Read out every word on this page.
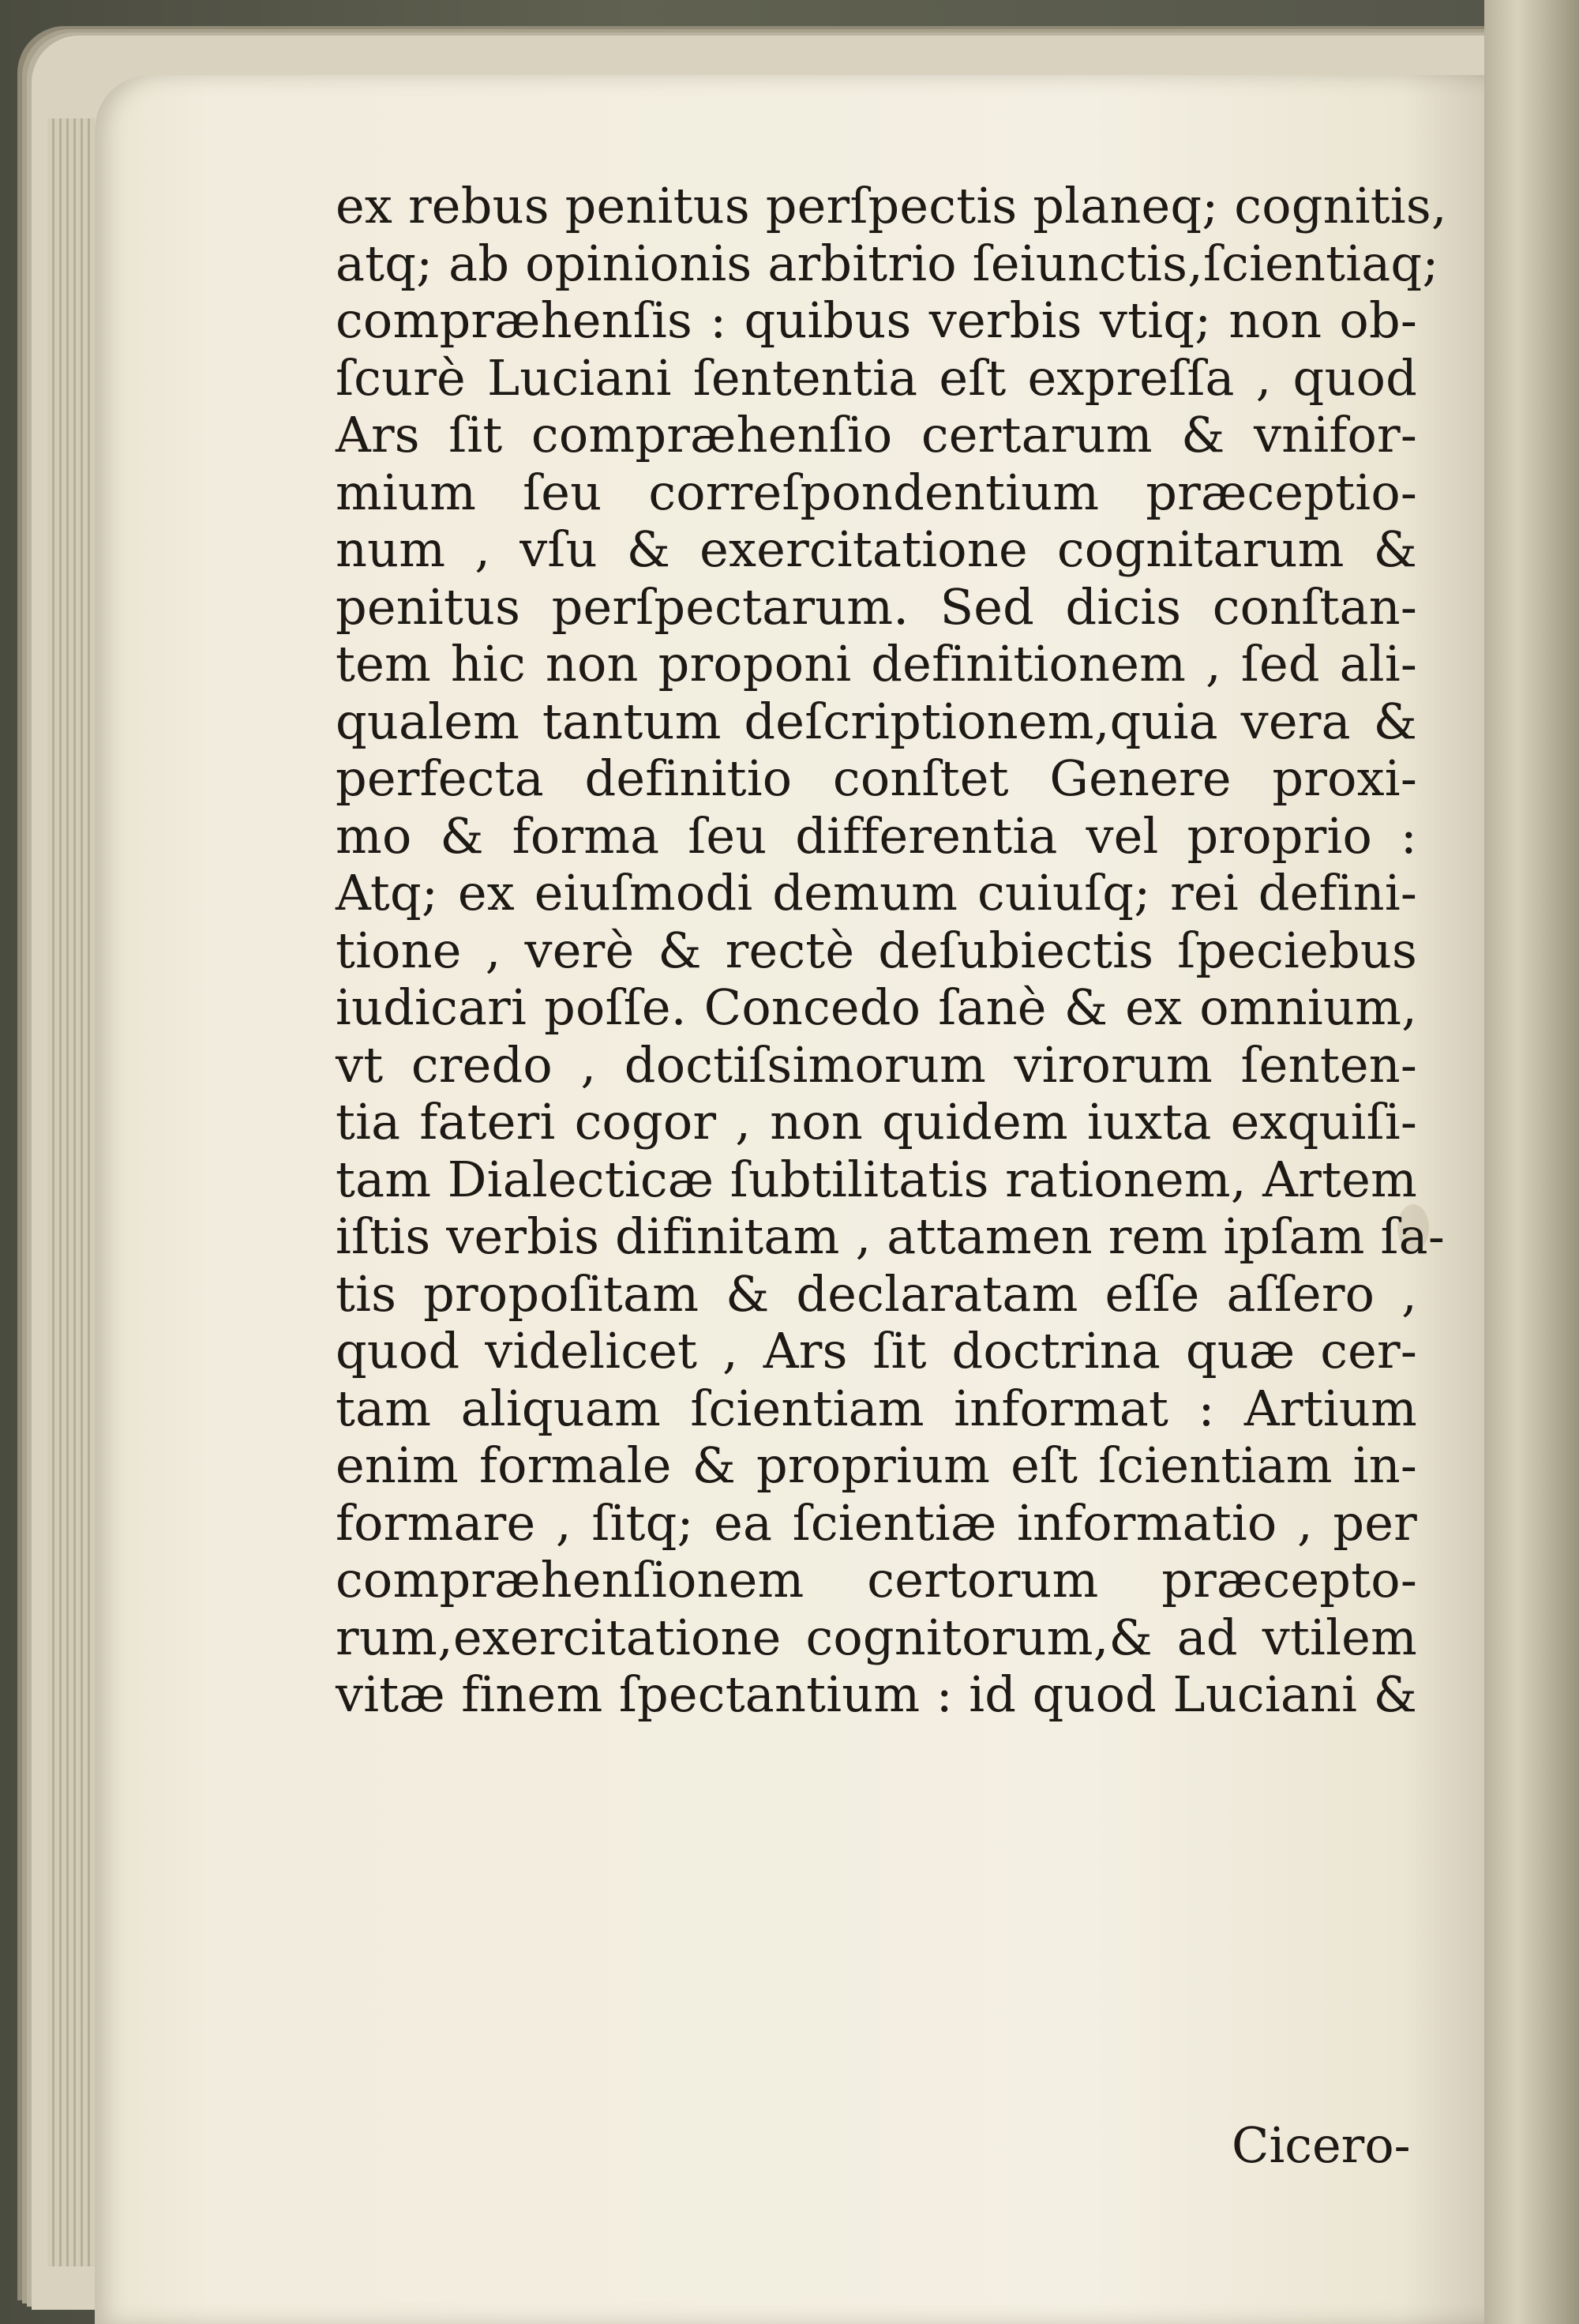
ex rebus penitus perſpectis planeq; cognitis,
atq; ab opinionis arbitrio ſeiunctis,ſcientiaq;
compræhenſis : quibus verbis vtiq; non ob-
ſcurè Luciani ſententia eſt expreſſa , quod
Ars ſit compræhenſio certarum & vnifor-
mium ſeu correſpondentium præceptio-
num , vſu & exercitatione cognitarum &
penitus perſpectarum. Sed dicis conſtan-
tem hic non proponi definitionem , ſed ali-
qualem tantum deſcriptionem,quia vera &
perfecta definitio conſtet Genere proxi-
mo & forma ſeu differentia vel proprio :
Atq; ex eiuſmodi demum cuiuſq; rei defini-
tione , verè & rectè deſubiectis ſpeciebus
iudicari poſſe. Concedo ſanè & ex omnium,
vt credo , doctiſsimorum virorum ſenten-
tia fateri cogor , non quidem iuxta exquiſi-
tam Dialecticæ ſubtilitatis rationem, Artem
iſtis verbis difinitam , attamen rem ipſam ſa-
tis propoſitam & declaratam eſſe aſſero ,
quod videlicet , Ars ſit doctrina quæ cer-
tam aliquam ſcientiam informat : Artium
enim formale & proprium eſt ſcientiam in-
formare , ſitq; ea ſcientiæ informatio , per
compræhenſionem certorum præcepto-
rum,exercitatione cognitorum,& ad vtilem
vitæ finem ſpectantium : id quod Luciani &
Cicero-
